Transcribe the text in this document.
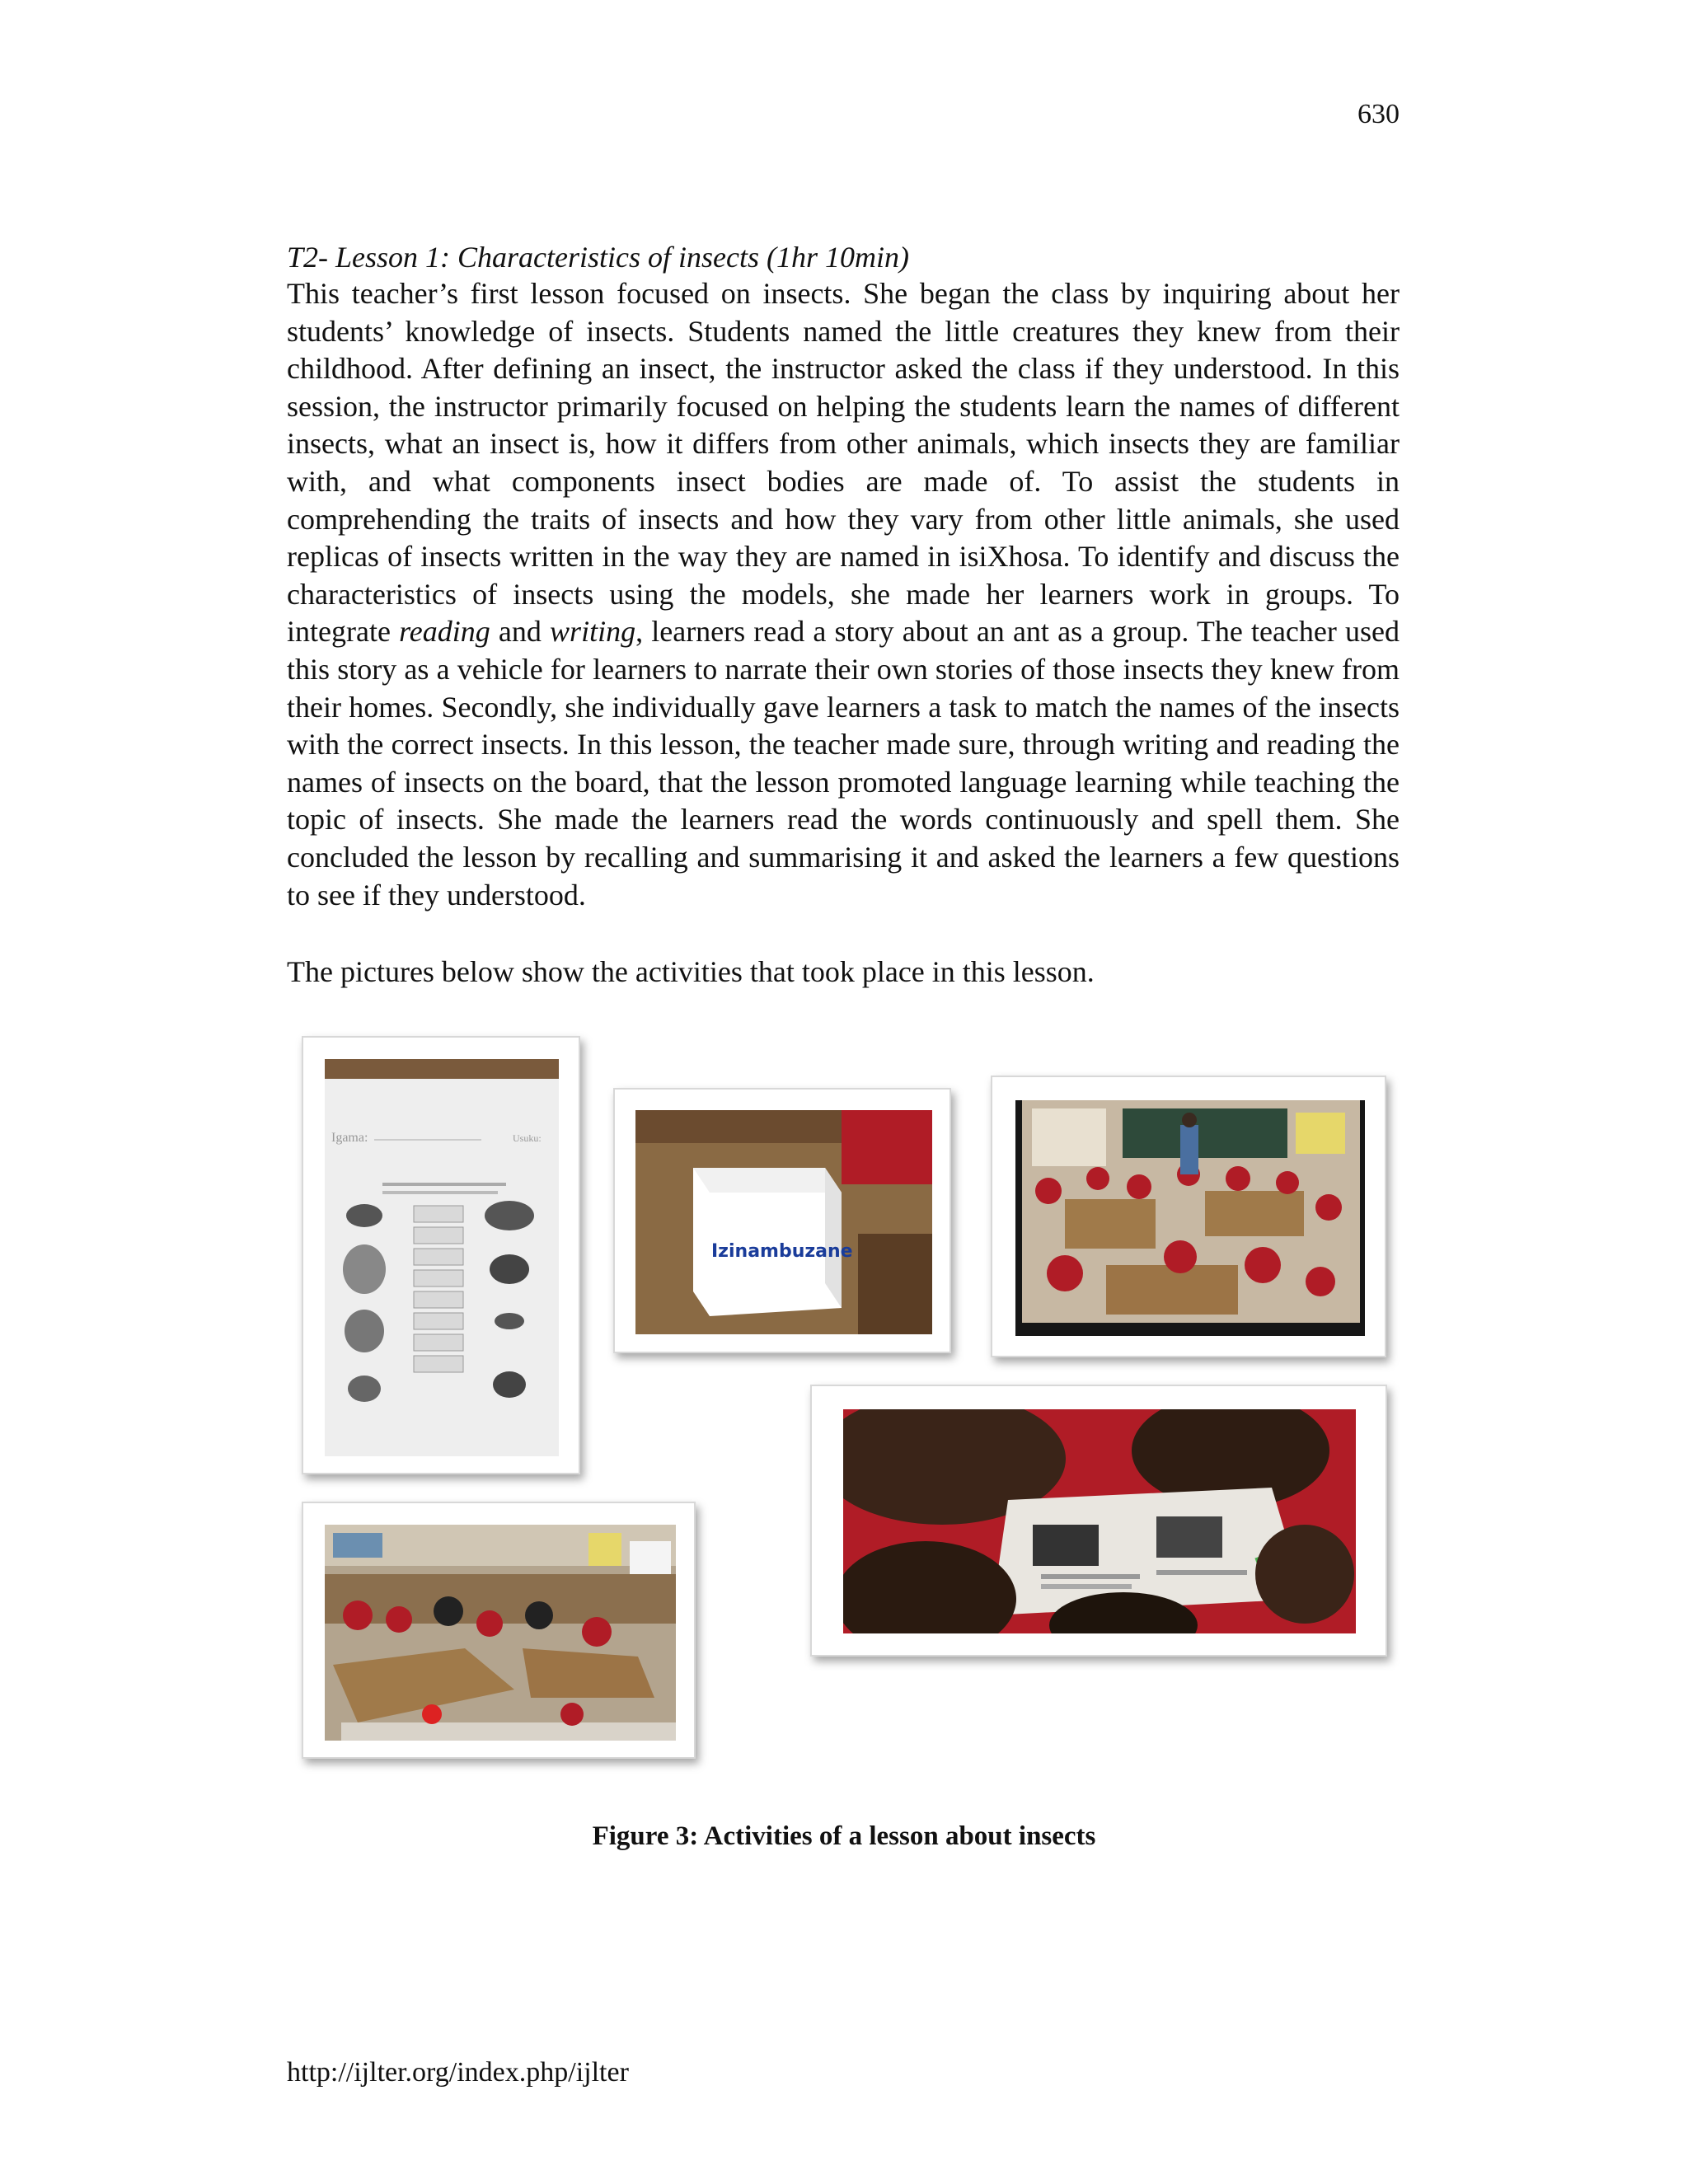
630
T2- Lesson 1: Characteristics of insects (1hr 10min)

This teacher’s first lesson focused on insects. She began the class by inquiring about her students’ knowledge of insects. Students named the little creatures they knew from their childhood. After defining an insect, the instructor asked the class if they understood. In this session, the instructor primarily focused on helping the students learn the names of different insects, what an insect is, how it differs from other animals, which insects they are familiar with, and what components insect bodies are made of. To assist the students in comprehending the traits of insects and how they vary from other little animals, she used replicas of insects written in the way they are named in isiXhosa. To identify and discuss the characteristics of insects using the models, she made her learners work in groups. To integrate reading and writing, learners read a story about an ant as a group. The teacher used this story as a vehicle for learners to narrate their own stories of those insects they knew from their homes. Secondly, she individually gave learners a task to match the names of the insects with the correct insects. In this lesson, the teacher made sure, through writing and reading the names of insects on the board, that the lesson promoted language learning while teaching the topic of insects. She made the learners read the words continuously and spell them. She concluded the lesson by recalling and summarising it and asked the learners a few questions to see if they understood.

The pictures below show the activities that took place in this lesson.

Igama:	Usuku:
Izinambuzane
Figure 3: Activities of a lesson about insects
http://ijlter.org/index.php/ijlter
